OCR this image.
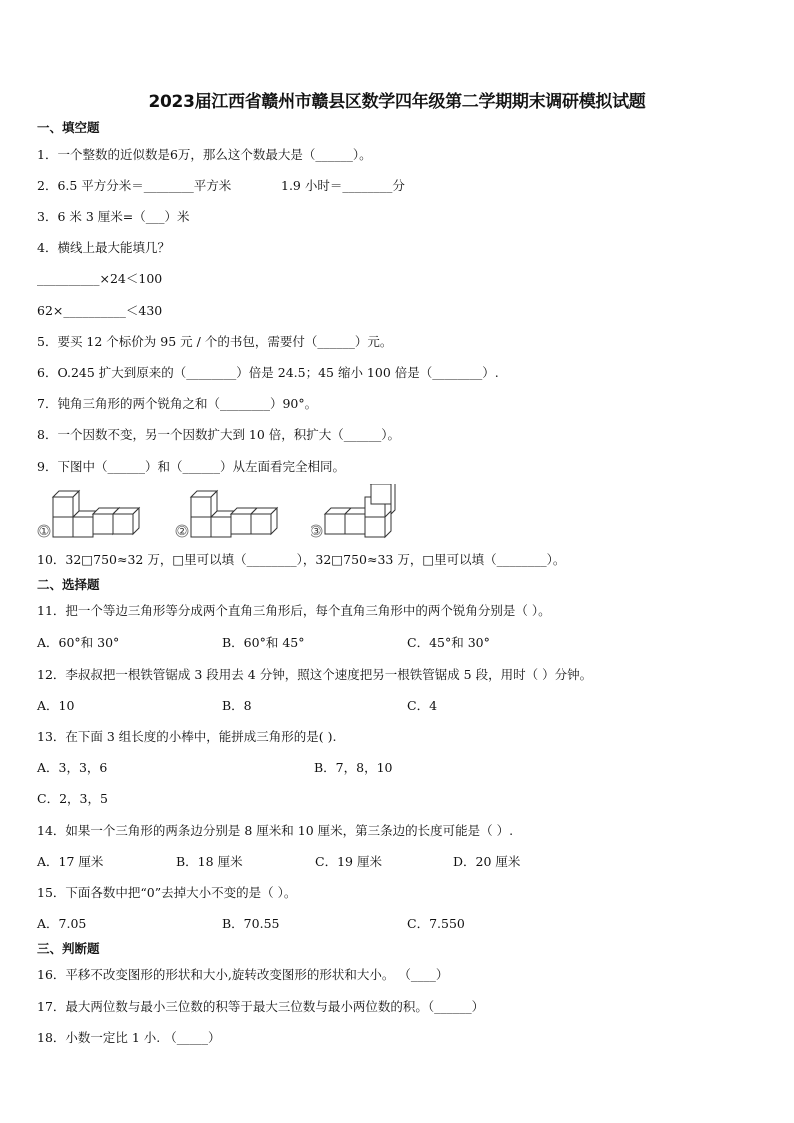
2023届江西省赣州市赣县区数学四年级第二学期期末调研模拟试题
一、填空题
1．一个整数的近似数是6万，那么这个数最大是（______）。
2．6.5 平方分米＝________平方米	1.9 小时＝________分
3．6 米 3 厘米=（___）米
4．横线上最大能填几？
__________×24＜100
62×__________＜430
5．要买 12 个标价为 95 元 / 个的书包，需要付（______）元。
6．O.245 扩大到原来的（________）倍是 24.5；45 缩小 100 倍是（________）.
7．钝角三角形的两个锐角之和（________）90°。
8．一个因数不变，另一个因数扩大到 10 倍，积扩大（______）。
9．下图中（______）和（______）从左面看完全相同。
①	②	③
10．32□750≈32 万，□里可以填（________），32□750≈33 万，□里可以填（________）。
二、选择题
11．把一个等边三角形等分成两个直角三角形后，每个直角三角形中的两个锐角分别是（ ）。
A．60°和 30°	B．60°和 45°	C．45°和 30°
12．李叔叔把一根铁管锯成 3 段用去 4 分钟，照这个速度把另一根铁管锯成 5 段，用时（ ）分钟。
A．10	B．8	C．4
13．在下面 3 组长度的小棒中，能拼成三角形的是( ).
A．3，3，6	B．7，8，10
C．2，3，5
14．如果一个三角形的两条边分别是 8 厘米和 10 厘米，第三条边的长度可能是（ ）.
A．17 厘米	B．18 厘米	C．19 厘米	D．20 厘米
15．下面各数中把“0”去掉大小不变的是（ ）。
A．7.05	B．70.55	C．7.550
三、判断题
16．平移不改变图形的形状和大小,旋转改变图形的形状和大小。 （____）
17．最大两位数与最小三位数的积等于最大三位数与最小两位数的积。（______）
18．小数一定比 1 小. （_____）
